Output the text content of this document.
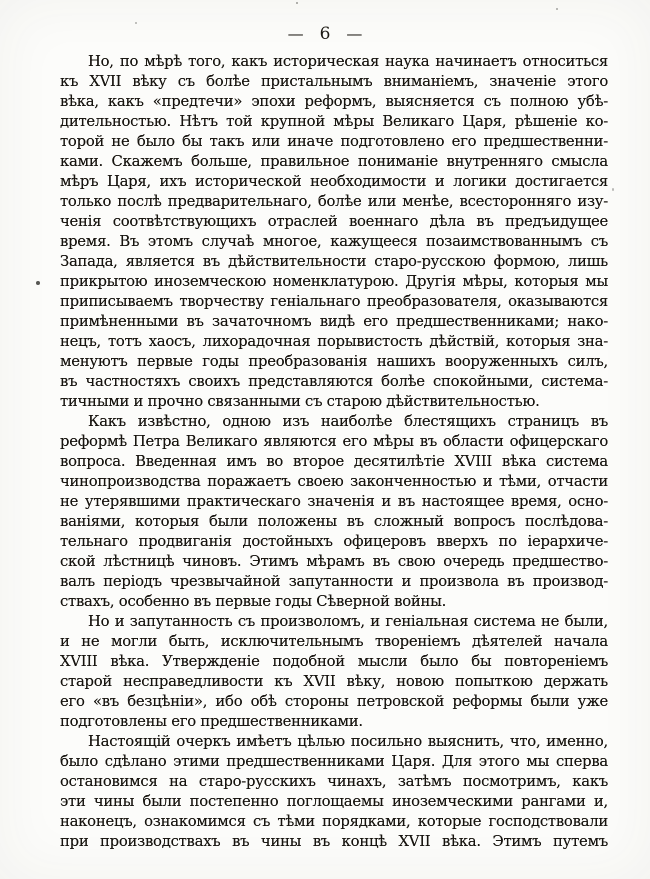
— 6 —
Но, по мѣрѣ того, какъ историческая наука начинаетъ относиться
къ XVII вѣку съ болѣе пристальнымъ вниманіемъ, значеніе этого
вѣка, какъ «предтечи» эпохи реформъ, выясняется съ полною убѣ-
дительностью. Нѣтъ той крупной мѣры Великаго Царя, рѣшеніе ко-
торой не было бы такъ или иначе подготовлено его предшественни-
ками. Скажемъ больше, правильное пониманіе внутренняго смысла
мѣръ Царя, ихъ исторической необходимости и логики достигается
только послѣ предварительнаго, болѣе или менѣе, всесторонняго изу-
ченія соотвѣтствующихъ отраслей военнаго дѣла въ предъидущее
время. Въ этомъ случаѣ многое, кажущееся позаимствованнымъ съ
Запада, является въ дѣйствительности старо-русскою формою, лишь
прикрытою иноземческою номенклатурою. Другія мѣры, которыя мы
приписываемъ творчеству геніальнаго преобразователя, оказываются
примѣненными въ зачаточномъ видѣ его предшественниками; нако-
нецъ, тотъ хаосъ, лихорадочная порывистость дѣйствій, которыя зна-
менуютъ первые годы преобразованія нашихъ вооруженныхъ силъ,
въ частностяхъ своихъ представляются болѣе спокойными, система-
тичными и прочно связанными съ старою дѣйствительностью.
Какъ извѣстно, одною изъ наиболѣе блестящихъ страницъ въ
реформѣ Петра Великаго являются его мѣры въ области офицерскаго
вопроса. Введенная имъ во второе десятилѣтіе XVIII вѣка система
чинопроизводства поражаетъ своею законченностью и тѣми, отчасти
не утерявшими практическаго значенія и въ настоящее время, осно-
ваніями, которыя были положены въ сложный вопросъ послѣдова-
тельнаго продвиганія достойныхъ офицеровъ вверхъ по іерархиче-
ской лѣстницѣ чиновъ. Этимъ мѣрамъ въ свою очередь предшество-
валъ періодъ чрезвычайной запутанности и произвола въ производ-
ствахъ, особенно въ первые годы Сѣверной войны.
Но и запутанность съ произволомъ, и геніальная система не были,
и не могли быть, исключительнымъ твореніемъ дѣятелей начала
XVIII вѣка. Утвержденіе подобной мысли было бы повтореніемъ
старой несправедливости къ XVII вѣку, новою попыткою держать
его «въ безцѣніи», ибо обѣ стороны петровской реформы были уже
подготовлены его предшественниками.
Настоящій очеркъ имѣетъ цѣлью посильно выяснить, что, именно,
было сдѣлано этими предшественниками Царя. Для этого мы сперва
остановимся на старо-русскихъ чинахъ, затѣмъ посмотримъ, какъ
эти чины были постепенно поглощаемы иноземческими рангами и,
наконецъ, ознакомимся съ тѣми порядками, которые господствовали
при производствахъ въ чины въ концѣ XVII вѣка. Этимъ путемъ
